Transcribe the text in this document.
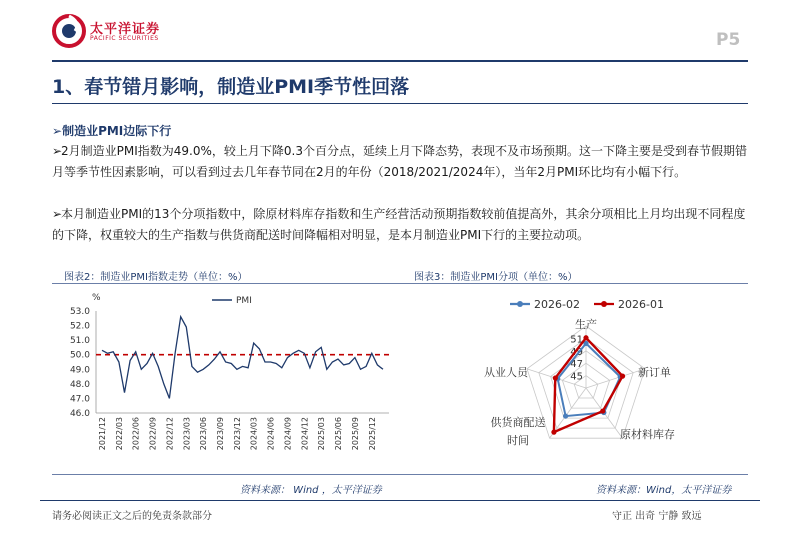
太平洋证券
PACIFIC SECURITIES	P5
1、春节错月影响，制造业PMI季节性回落
➢制造业PMI边际下行

➢2月制造业PMI指数为49.0%，较上月下降0.3个百分点，延续上月下降态势，表现不及市场预期。这一下降主要是受到春节假期错月等季节性因素影响，可以看到过去几年春节同在2月的年份（2018/2021/2024年），当年2月PMI环比均有小幅下行。

➢本月制造业PMI的13个分项指数中，除原材料库存指数和生产经营活动预期指数较前值提高外，其余分项相比上月均出现不同程度的下降，权重较大的生产指数与供货商配送时间降幅相对明显，是本月制造业PMI下行的主要拉动项。

图表2：制造业PMI指数走势（单位：%）	图表3：制造业PMI分项（单位：%）
%
53.0
52.0
51.0
50.0
49.0
48.0
47.0
46.0
PMI
2021/12 2022/03 2022/06 2022/09 2022/12 2023/03 2023/06 2023/09 2023/12 2024/03 2024/06 2024/09 2024/12 2025/03 2025/06 2025/09 2025/12
51
49
47
45
生产
新订单
原材料库存
供货商配送
时间
从业人员
2026-02	2026-01
资料来源： Wind ，太平洋证券	资料来源：Wind，太平洋证券
请务必阅读正文之后的免责条款部分	守正 出奇 宁静 致远
